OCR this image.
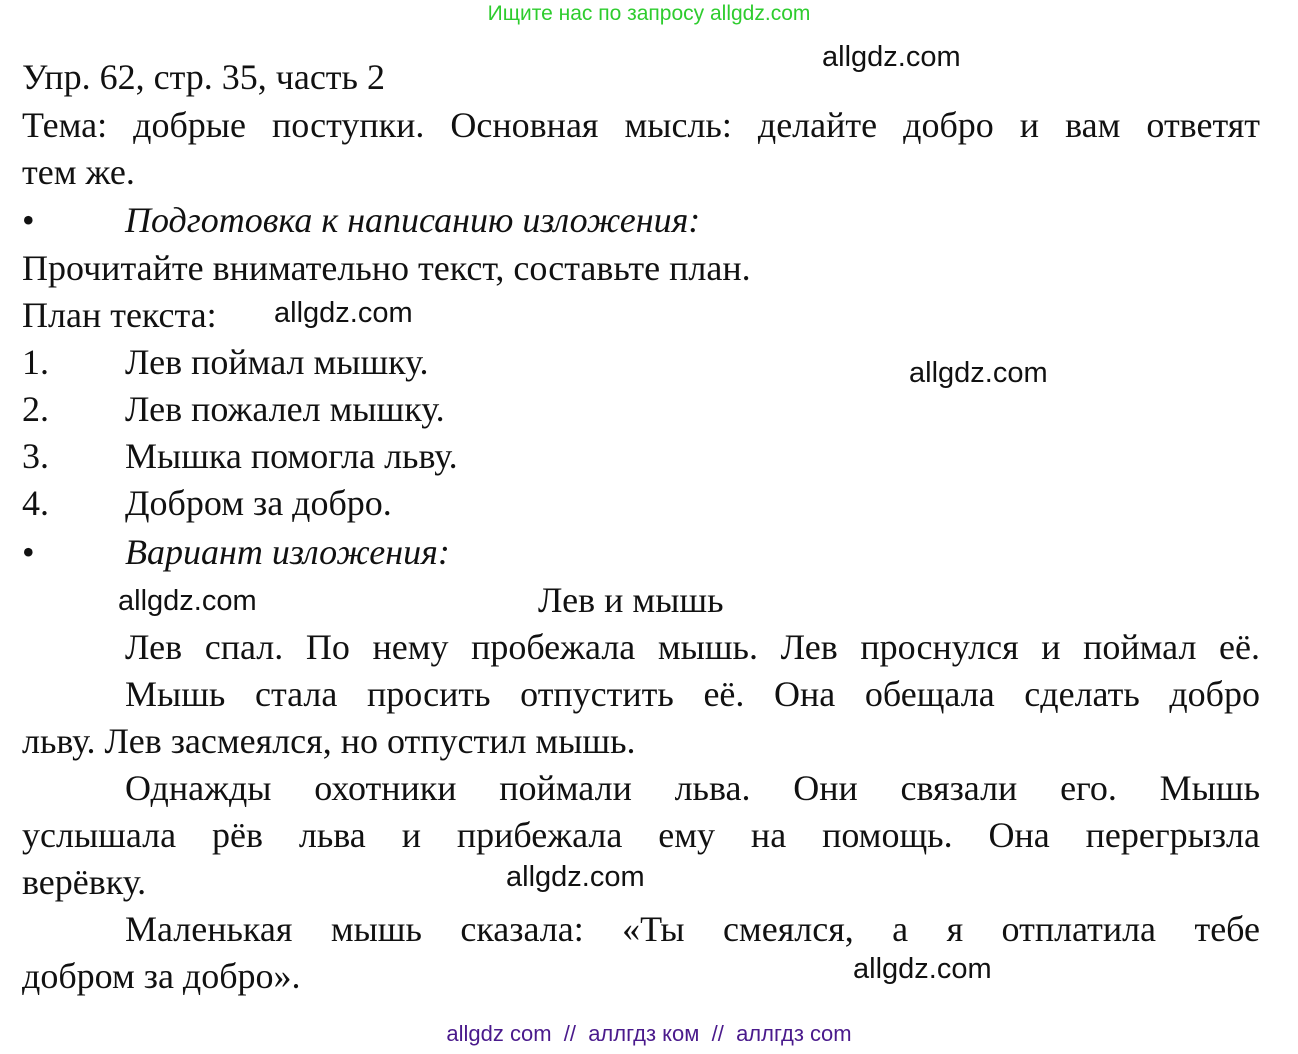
Ищите нас по запросу allgdz.com
Упр. 62, стр. 35, часть 2
Тема: добрые поступки. Основная мысль: делайте добро и вам ответят
тем же.
•	Подготовка к написанию изложения:
Прочитайте внимательно текст, составьте план.
План текста:
1. Лев поймал мышку.
2. Лев пожалел мышку.
3. Мышка помогла льву.
4. Добром за добро.
•	Вариант изложения:
Лев и мышь
Лев спал. По нему пробежала мышь. Лев проснулся и поймал её.
Мышь стала просить отпустить её. Она обещала сделать добро
льву. Лев засмеялся, но отпустил мышь.
Однажды охотники поймали льва. Они связали его. Мышь
услышала рёв льва и прибежала ему на помощь. Она перегрызла
верёвку.
Маленькая мышь сказала: «Ты смеялся, а я отплатила тебе
добром за добро».
allgdz.com
allgdz.com
allgdz.com
allgdz.com
allgdz.com
allgdz.com
allgdz com  //  аллгдз ком  //  аллгдз com
